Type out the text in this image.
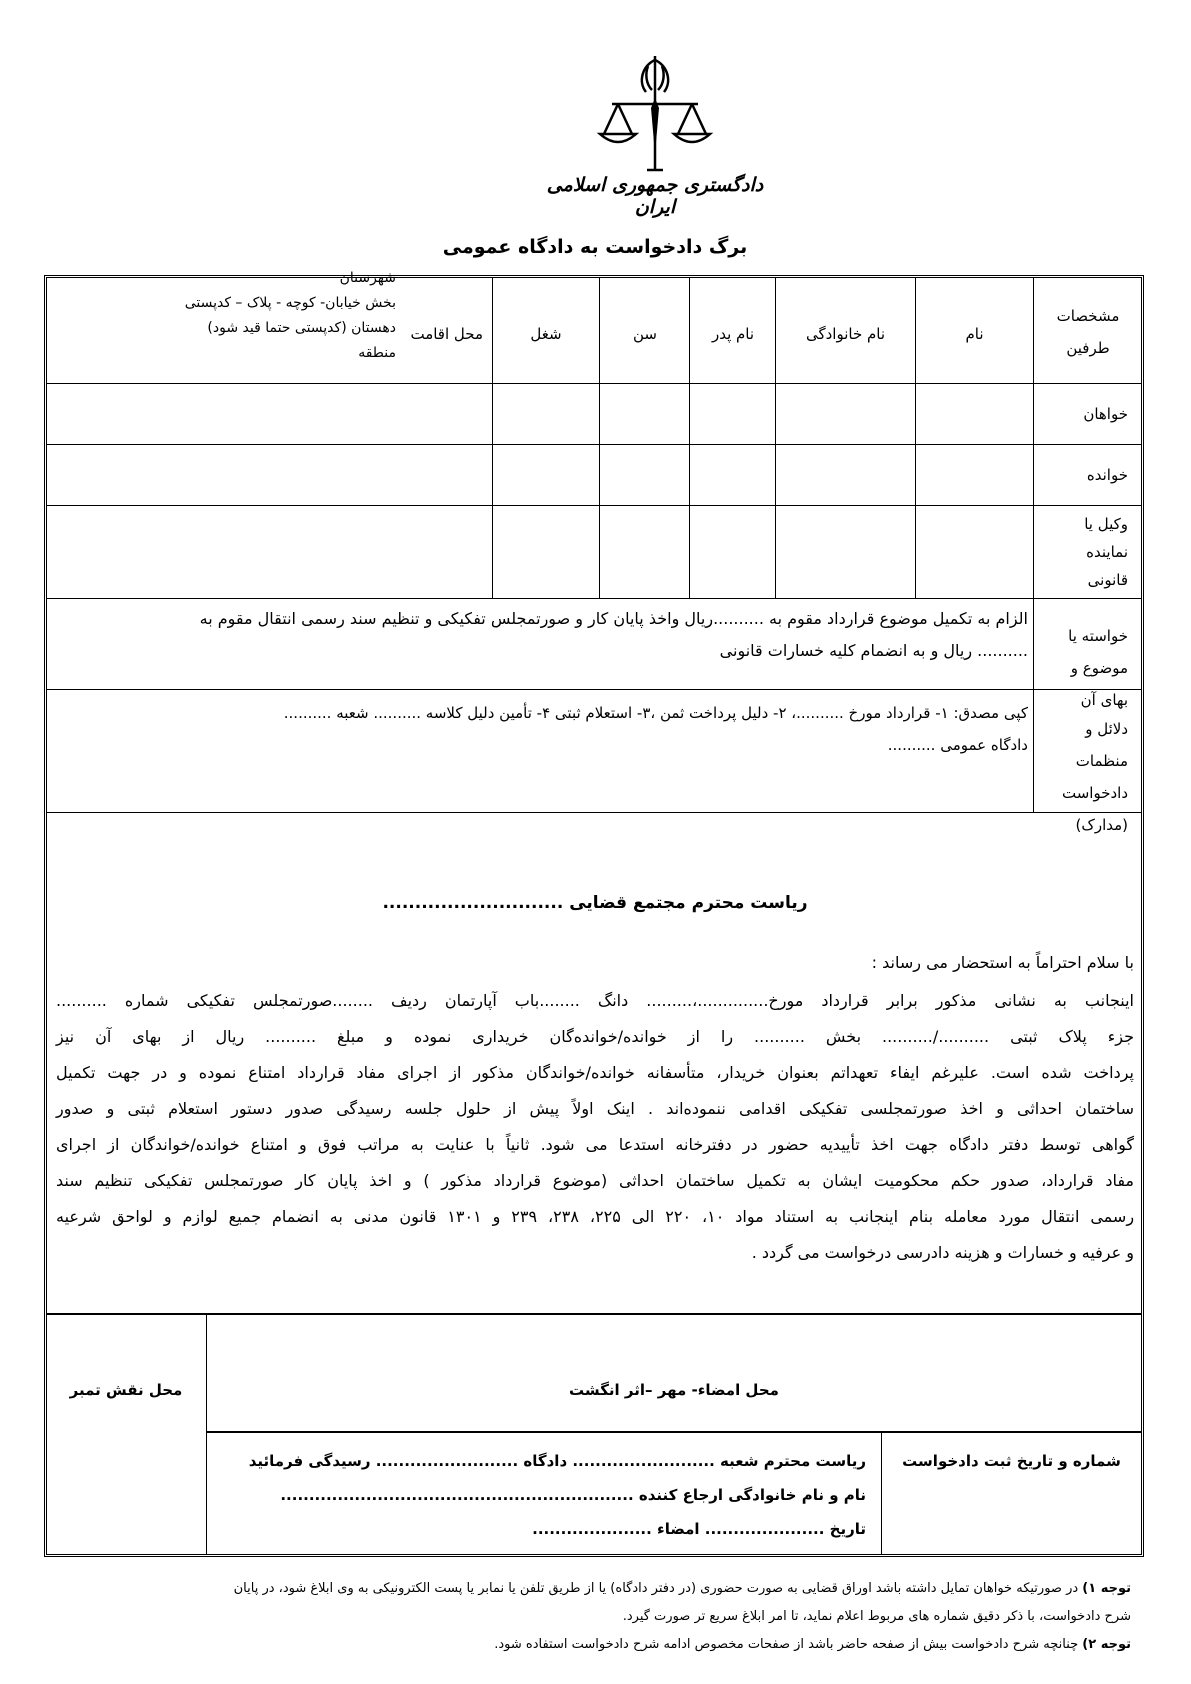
دادگستری جمهوری اسلامی ایران
برگ دادخواست به دادگاه عمومی
مشخصات
طرفین
نام
نام خانوادگی
نام پدر
سن
شغل
محل اقامت
شهرستان
بخش خیابان- کوچه - پلاک – کدپستی
دهستان (کدپستی حتما قید شود)
خواهان
خوانده
وکیل یا
نماینده
خواسته یا
الزام به تکمیل موضوع قرارداد مقوم به ..........ریال واخذ پایان کار و صورتمجلس تفکیکی و تنظیم سند رسمی انتقال مقوم به
.......... ریال و به انضمام کلیه خسارات قانونی
دلائل و
کپی مصدق: ۱- قرارداد مورخ ..........، ۲- دلیل پرداخت ثمن ،۳- استعلام ثبتی ۴- تأمین دلیل کلاسه .......... شعبه ..........
دادگاه عمومی ..........
قانونی
ریاست محترم مجتمع قضایی ............................
با سلام احتراماً به استحضار می رساند :
اینجانب به نشانی مذکور برابر قرارداد مورخ..............،......... دانگ ........باب آپارتمان ردیف ........صورتمجلس تفکیکی شماره ..........
جزء پلاک ثبتی ........../.......... بخش .......... را از خوانده/خوانده‌گان خریداری نموده و مبلغ .......... ریال از بهای آن نیز
پرداخت شده است. علیرغم ایفاء تعهداتم بعنوان خریدار، متأسفانه خوانده/خواندگان مذکور از اجرای مفاد قرارداد امتناع نموده و در جهت تکمیل
ساختمان احداثی و اخذ صورتمجلسی تفکیکی اقدامی ننموده‌اند . اینک اولاً پیش از حلول جلسه رسیدگی صدور دستور استعلام ثبتی و صدور
گواهی توسط دفتر دادگاه جهت اخذ تأییدیه حضور در دفترخانه استدعا می شود. ثانیاً با عنایت به مراتب فوق و امتناع خوانده/خواندگان از اجرای
مفاد قرارداد، صدور حکم محکومیت ایشان به تکمیل ساختمان احداثی (موضوع قرارداد مذکور ) و اخذ پایان کار صورتمجلس تفکیکی تنظیم سند
رسمی انتقال مورد معامله بنام اینجانب به استناد مواد ۱۰، ۲۲۰ الی ۲۲۵، ۲۳۸، ۲۳۹ و ۱۳۰۱ قانون مدنی به انضمام جمیع لوازم و لواحق شرعیه
و عرفیه و خسارات و هزینه دادرسی درخواست می گردد .
محل نقش تمبر	محل امضاء- مهر –اثر انگشت
شماره و تاریخ ثبت دادخواست
ریاست محترم شعبه ......................... دادگاه ......................... رسیدگی فرمائید
نام و نام خانوادگی ارجاع کننده ..............................................................
تاریخ ..................... امضاء .....................
توجه ۱) در صورتیکه خواهان تمایل داشته باشد اوراق قضایی به صورت حضوری (در دفتر دادگاه) یا از طریق تلفن یا نمابر یا پست الکترونیکی به وی ابلاغ شود، در پایان
شرح دادخواست، با ذکر دقیق شماره های مربوط اعلام نماید، تا امر ابلاغ سریع تر صورت گیرد.
توجه ۲) چنانچه شرح دادخواست بیش از صفحه حاضر باشد از صفحات مخصوص ادامه شرح دادخواست استفاده شود.
موضوع و
منظمات
منطقه
بهای آن
دادخواست
(مدارک)
